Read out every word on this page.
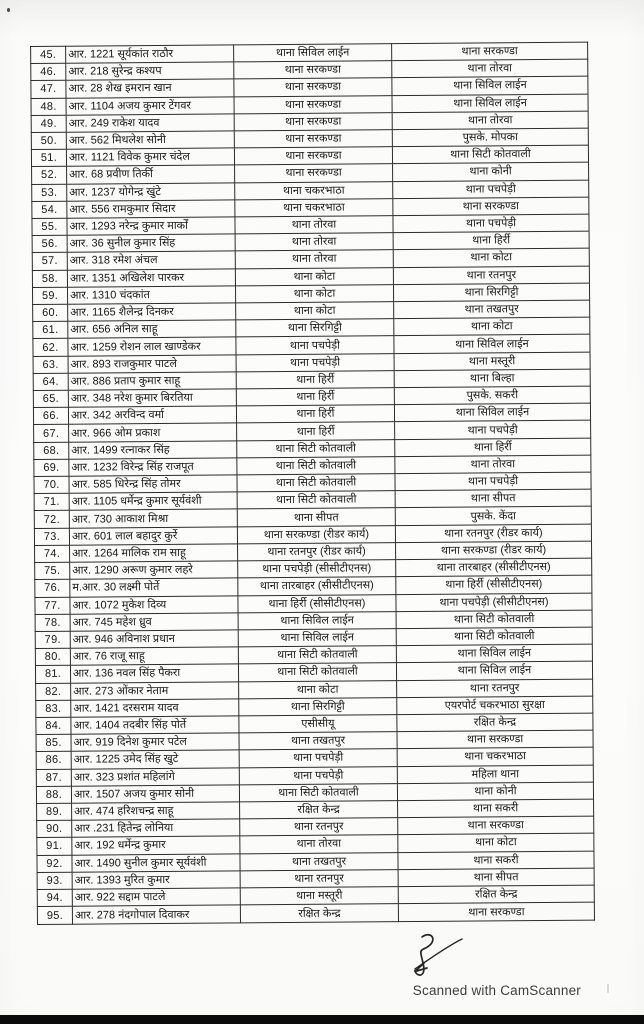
45.	आर. 1221 सूर्यकांत राठौर	थाना सिविल लाईन	थाना सरकण्डा
46.	आर. 218 सुरेन्द्र कश्यप	थाना सरकण्डा	थाना तोरवा
47.	आर. 28 शेख इमरान खान	थाना सरकण्डा	थाना सिविल लाईन
48.	आर. 1104 अजय कुमार टेंगवर	थाना सरकण्डा	थाना सिविल लाईन
49.	आर. 249 राकेश यादव	थाना सरकण्डा	थाना तोरवा
50.	आर. 562 मिथलेश सोनी	थाना सरकण्डा	पुसके. मोपका
51.	आर. 1121 विवेक कुमार चंदेल	थाना सरकण्डा	थाना सिटी कोतवाली
52.	आर. 68 प्रवीण तिर्की	थाना सरकण्डा	थाना कोनी
53.	आर. 1237 योगेन्द्र खुंटे	थाना चकरभाठा	थाना पचपेड़ी
54.	आर. 556 रामकुमार सिदार	थाना चकरभाठा	थाना सरकण्डा
55.	आर. 1293 नरेन्द्र कुमार मार्कों	थाना तोरवा	थाना पचपेड़ी
56.	आर. 36 सुनील कुमार सिंह	थाना तोरवा	थाना हिर्री
57.	आर. 318 रमेश अंचल	थाना तोरवा	थाना कोटा
58.	आर. 1351 अखिलेश पारकर	थाना कोटा	थाना रतनपुर
59.	आर. 1310 चंदकांत	थाना कोटा	थाना सिरगिट्टी
60.	आर. 1165 शैलेन्द्र दिनकर	थाना कोटा	थाना तखतपुर
61.	आर. 656 अनिल साहू	थाना सिरगिट्टी	थाना कोटा
62.	आर. 1259 रोशन लाल खाण्डेकर	थाना पचपेड़ी	थाना सिविल लाईन
63.	आर. 893 राजकुमार पाटले	थाना पचपेड़ी	थाना मस्तूरी
64.	आर. 886 प्रताप कुमार साहू	थाना हिर्री	थाना बिल्हा
65.	आर. 348 नरेश कुमार बिरतिया	थाना हिर्री	पुसके. सकरी
66.	आर. 342 अरविन्द वर्मा	थाना हिर्री	थाना सिविल लाईन
67.	आर. 966 ओम प्रकाश	थाना हिर्री	थाना पचपेड़ी
68.	आर. 1499 रत्नाकर सिंह	थाना सिटी कोतवाली	थाना हिर्री
69.	आर. 1232 विरेन्द्र सिंह राजपूत	थाना सिटी कोतवाली	थाना तोरवा
70.	आर. 585 धिरेन्द्र सिंह तोमर	थाना सिटी कोतवाली	थाना पचपेड़ी
71.	आर. 1105 धर्मेन्द्र कुमार सूर्यवंशी	थाना सिटी कोतवाली	थाना सीपत
72.	आर. 730 आकाश मिश्रा	थाना सीपत	पुसके. केंदा
73.	आर. 601 लाल बहादुर कुर्रे	थाना सरकण्डा (रीडर कार्य)	थाना रतनपुर (रीडर कार्य)
74.	आर. 1264 मालिक राम साहू	थाना रतनपुर (रीडर कार्य)	थाना सरकण्डा (रीडर कार्य)
75.	आर. 1290 अरूण कुमार लहरे	थाना पचपेड़ी (सीसीटीएनस)	थाना तारबाहर (सीसीटीएनस)
76.	म.आर. 30 लक्ष्मी पोर्ते	थाना तारबाहर (सीसीटीएनस)	थाना हिर्री (सीसीटीएनस)
77.	आर. 1072 मुकेश दिव्य	थाना हिर्री (सीसीटीएनस)	थाना पचपेड़ी (सीसीटीएनस)
78.	आर. 745 महेश ध्रुव	थाना सिविल लाईन	थाना सिटी कोतवाली
79.	आर. 946 अविनाश प्रधान	थाना सिविल लाईन	थाना सिटी कोतवाली
80.	आर. 76 राजू साहू	थाना सिटी कोतवाली	थाना सिविल लाईन
81.	आर. 136 नवल सिंह पैकरा	थाना सिटी कोतवाली	थाना सिविल लाईन
82.	आर. 273 ओंकार नेताम	थाना कोटा	थाना रतनपुर
83.	आर. 1421 दरसराम यादव	थाना सिरगिट्टी	एयरपोर्ट चकरभाठा सुरक्षा
84.	आर. 1404 तदबीर सिंह पोर्ते	एसीसीयू	रक्षित केन्द्र
85.	आर. 919 दिनेश कुमार पटेल	थाना तखतपुर	थाना सरकण्डा
86.	आर. 1225 उमेद सिंह खुटे	थाना पचपेड़ी	थाना चकरभाठा
87.	आर. 323 प्रशांत महिलांगे	थाना पचपेड़ी	महिला थाना
88.	आर. 1507 अजय कुमार सोनी	थाना सिटी कोतवाली	थाना कोनी
89.	आर. 474 हरिशचन्द्र साहू	रक्षित केन्द्र	थाना सकरी
90.	आर .231 हितेन्द्र लोनिया	थाना रतनपुर	थाना सरकण्डा
91.	आर. 192 धर्मेन्द्र कुमार	थाना तोरवा	थाना कोटा
92.	आर. 1490 सुनील कुमार सूर्यवंशी	थाना तखतपुर	थाना सकरी
93.	आर. 1393 मुरित कुमार	थाना रतनपुर	थाना सीपत
94.	आर. 922 सद्दाम पाटले	थाना मस्तूरी	रक्षित केन्द्र
95.	आर. 278 नंदगोपाल दिवाकर	रक्षित केन्द्र	थाना सरकण्डा
Scanned with CamScanner
